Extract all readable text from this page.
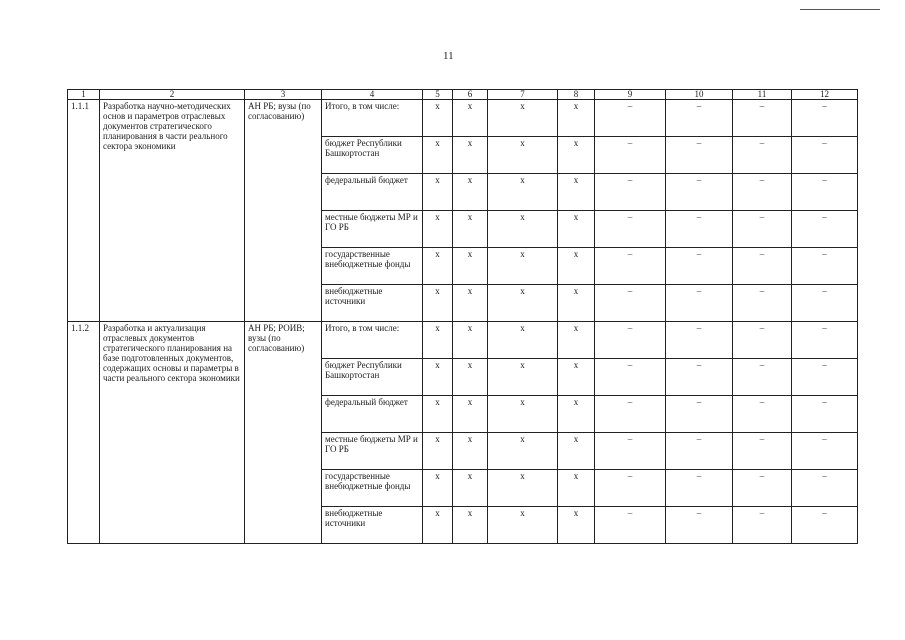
11
1	2	3	4	5	6	7	8	9	10	11	12
1.1.1	Разработка научно-методических основ и параметров отраслевых документов стратегического планирования в части реального сектора экономики	АН РБ; вузы (по согласованию)	Итого, в том числе:	х	х	х	х	–	–	–	–
			бюджет Республики Башкортостан	х	х	х	х	–	–	–	–
			федеральный бюджет	х	х	х	х	–	–	–	–
			местные бюджеты МР и ГО РБ	х	х	х	х	–	–	–	–
			государственные внебюджетные фонды	х	х	х	х	–	–	–	–
			внебюджетные источники	х	х	х	х	–	–	–	–
1.1.2	Разработка и актуализация отраслевых документов стратегического планирования на базе подготовленных документов, содержащих основы и параметры в части реального сектора экономики	АН РБ; РОИВ; вузы (по согласованию)	Итого, в том числе:	х	х	х	х	–	–	–	–
			бюджет Республики Башкортостан	х	х	х	х	–	–	–	–
			федеральный бюджет	х	х	х	х	–	–	–	–
			местные бюджеты МР и ГО РБ	х	х	х	х	–	–	–	–
			государственные внебюджетные фонды	х	х	х	х	–	–	–	–
			внебюджетные источники	х	х	х	х	–	–	–	–
